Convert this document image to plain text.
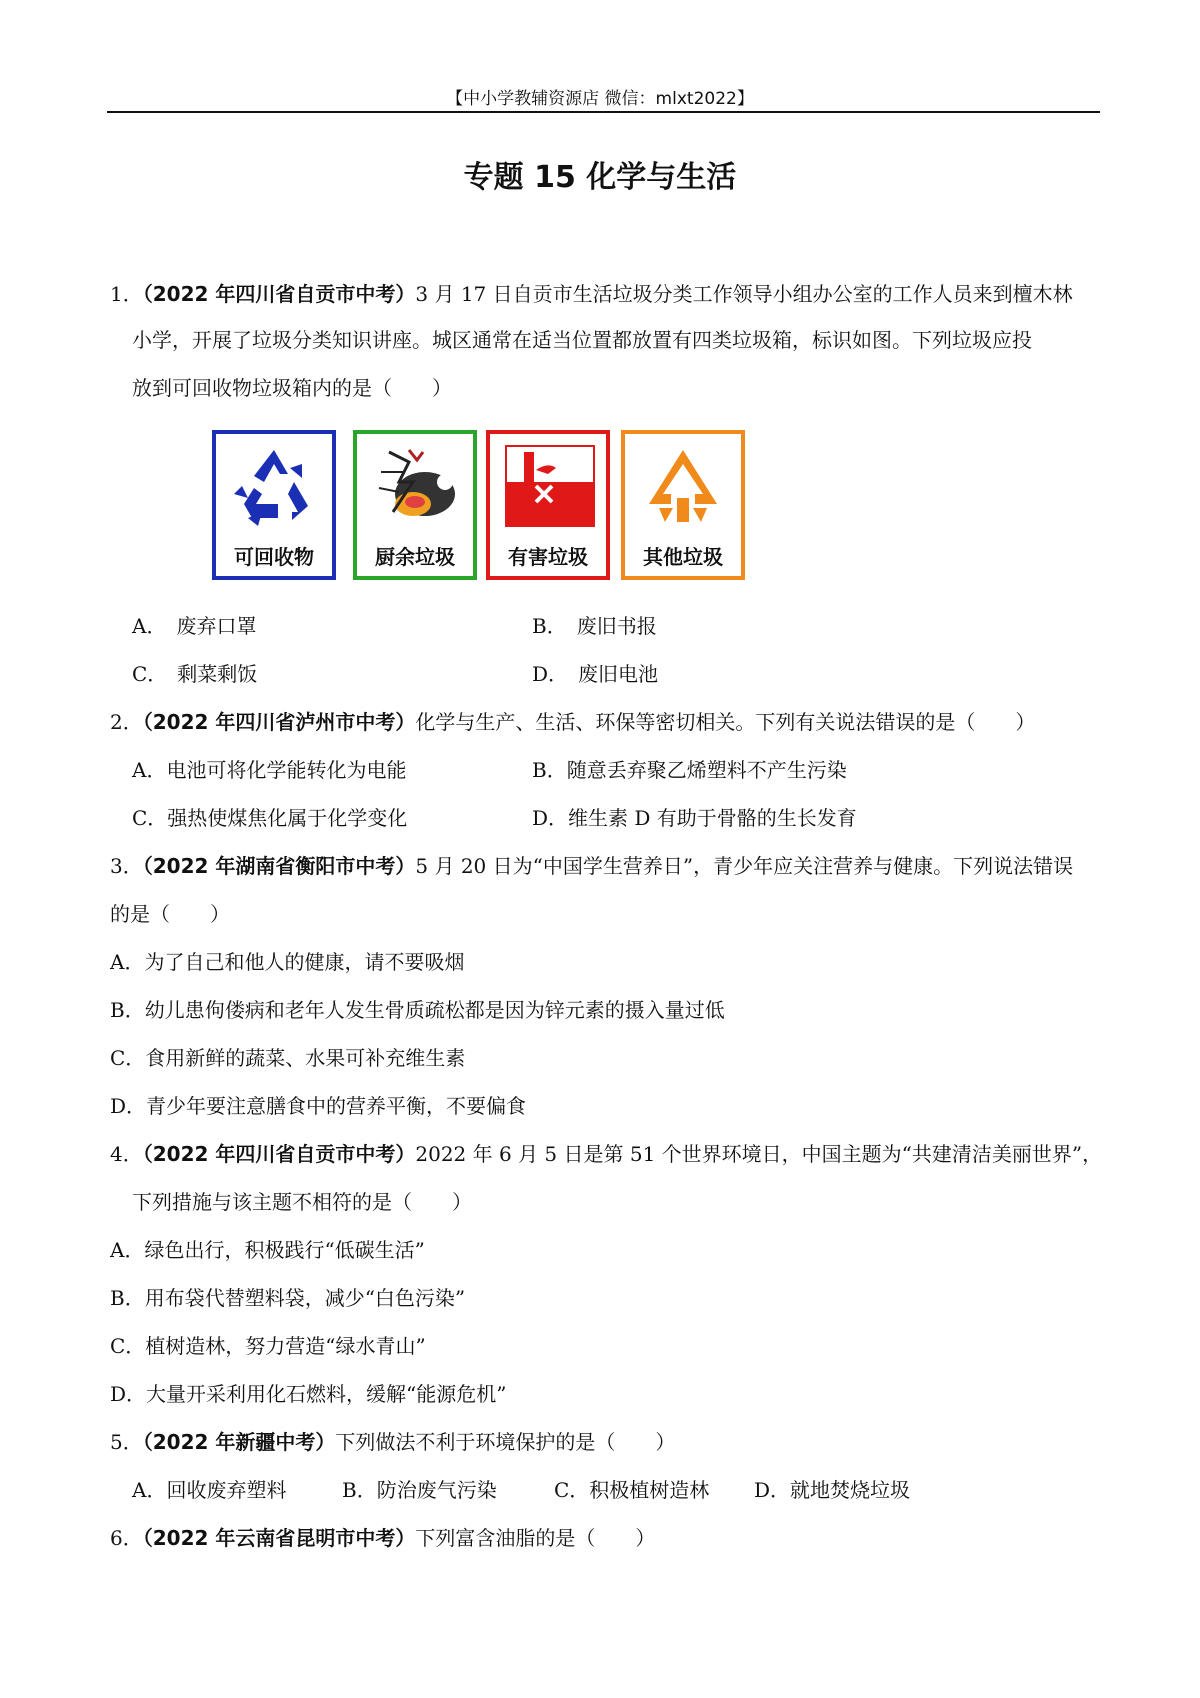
【中小学教辅资源店 微信：mlxt2022】
专题 15 化学与生活
1．（2022 年四川省自贡市中考）3 月 17 日自贡市生活垃圾分类工作领导小组办公室的工作人员来到檀木林
小学，开展了垃圾分类知识讲座。城区通常在适当位置都放置有四类垃圾箱，标识如图。下列垃圾应投
放到可回收物垃圾箱内的是（　　）
可回收物	厨余垃圾	有害垃圾	其他垃圾
A．　废弃口罩	B．　废旧书报
C．　剩菜剩饭	D．　废旧电池
2．（2022 年四川省泸州市中考）化学与生产、生活、环保等密切相关。下列有关说法错误的是（　　）
A．电池可将化学能转化为电能	B．随意丢弃聚乙烯塑料不产生污染
C．强热使煤焦化属于化学变化	D．维生素 D 有助于骨骼的生长发育
3．（2022 年湖南省衡阳市中考）5 月 20 日为“中国学生营养日”，青少年应关注营养与健康。下列说法错误
的是（　　）
A．为了自己和他人的健康，请不要吸烟
B．幼儿患佝偻病和老年人发生骨质疏松都是因为锌元素的摄入量过低
C．食用新鲜的蔬菜、水果可补充维生素
D．青少年要注意膳食中的营养平衡，不要偏食
4．（2022 年四川省自贡市中考）2022 年 6 月 5 日是第 51 个世界环境日，中国主题为“共建清洁美丽世界”，
下列措施与该主题不相符的是（　　）
A．绿色出行，积极践行“低碳生活”
B．用布袋代替塑料袋，减少“白色污染”
C．植树造林，努力营造“绿水青山”
D．大量开采利用化石燃料，缓解“能源危机”
5．（2022 年新疆中考）下列做法不利于环境保护的是（　　）
A．回收废弃塑料	B．防治废气污染	C．积极植树造林 D．就地焚烧垃圾
6．（2022 年云南省昆明市中考）下列富含油脂的是（　　）
